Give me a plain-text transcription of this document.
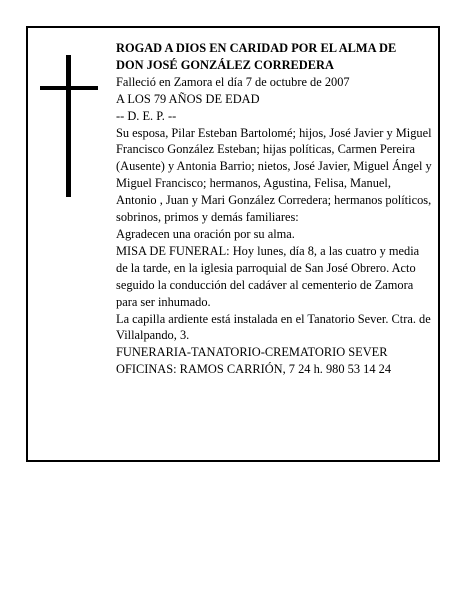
ROGAD A DIOS EN CARIDAD POR EL ALMA DE

DON JOSÉ GONZÁLEZ CORREDERA

Falleció en Zamora el día 7 de octubre de 2007

A LOS 79 AÑOS DE EDAD

-- D. E. P. --

Su esposa, Pilar Esteban Bartolomé; hijos, José Javier y Miguel Francisco González Esteban; hijas políticas, Carmen Pereira (Ausente) y Antonia Barrio; nietos, José Javier, Miguel Ángel y Miguel Francisco; hermanos, Agustina, Felisa, Manuel, Antonio , Juan y Mari González Corredera; hermanos políticos, sobrinos, primos y demás familiares:

Agradecen una oración por su alma.

MISA DE FUNERAL: Hoy lunes, día 8, a las cuatro y media de la tarde, en la iglesia parroquial de San José Obrero. Acto seguido la conducción del cadáver al cementerio de Zamora para ser inhumado.

La capilla ardiente está instalada en el Tanatorio Sever. Ctra. de Villalpando, 3.

FUNERARIA-TANATORIO-CREMATORIO SEVER

OFICINAS: RAMOS CARRIÓN, 7 24 h. 980 53 14 24
